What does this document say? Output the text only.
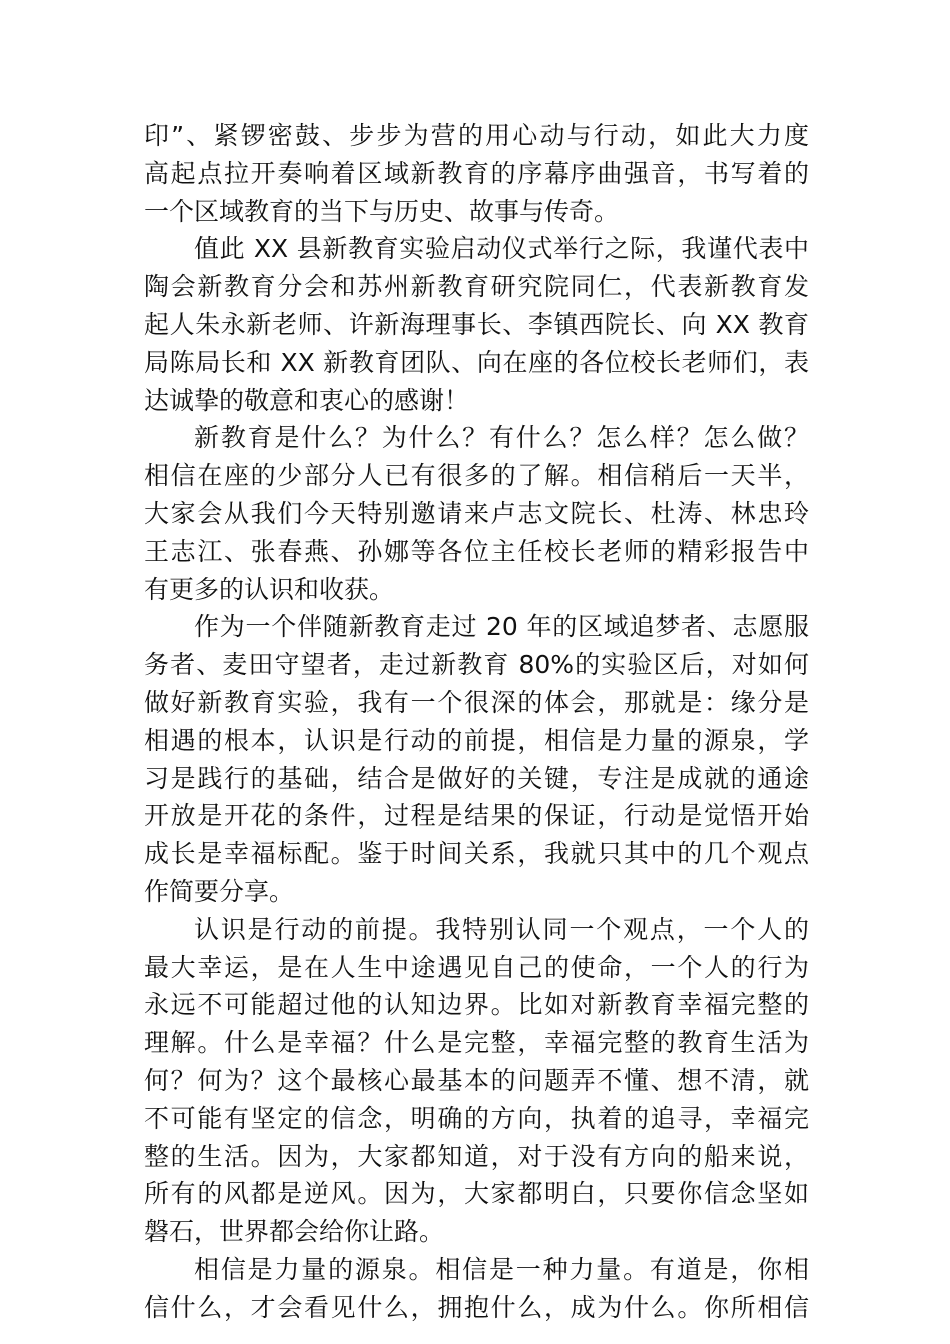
印”、紧锣密鼓、步步为营的用心动与行动，如此大力度
高起点拉开奏响着区域新教育的序幕序曲强音，书写着的
一个区域教育的当下与历史、故事与传奇。
值此 XX 县新教育实验启动仪式举行之际，我谨代表中
陶会新教育分会和苏州新教育研究院同仁，代表新教育发
起人朱永新老师、许新海理事长、李镇西院长、向 XX 教育
局陈局长和 XX 新教育团队、向在座的各位校长老师们，表
达诚挚的敬意和衷心的感谢！
新教育是什么？为什么？有什么？怎么样？怎么做？
相信在座的少部分人已有很多的了解。相信稍后一天半，
大家会从我们今天特别邀请来卢志文院长、杜涛、林忠玲
王志江、张春燕、孙娜等各位主任校长老师的精彩报告中
有更多的认识和收获。
作为一个伴随新教育走过 20 年的区域追梦者、志愿服
务者、麦田守望者，走过新教育 80%的实验区后，对如何
做好新教育实验，我有一个很深的体会，那就是：缘分是
相遇的根本，认识是行动的前提，相信是力量的源泉，学
习是践行的基础，结合是做好的关键，专注是成就的通途
开放是开花的条件，过程是结果的保证，行动是觉悟开始
成长是幸福标配。鉴于时间关系，我就只其中的几个观点
作简要分享。
认识是行动的前提。我特别认同一个观点，一个人的
最大幸运，是在人生中途遇见自己的使命，一个人的行为
永远不可能超过他的认知边界。比如对新教育幸福完整的
理解。什么是幸福？什么是完整，幸福完整的教育生活为
何？何为？这个最核心最基本的问题弄不懂、想不清，就
不可能有坚定的信念，明确的方向，执着的追寻，幸福完
整的生活。因为，大家都知道，对于没有方向的船来说，
所有的风都是逆风。因为，大家都明白，只要你信念坚如
磐石，世界都会给你让路。
相信是力量的源泉。相信是一种力量。有道是，你相
信什么，才会看见什么，拥抱什么，成为什么。你所相信
